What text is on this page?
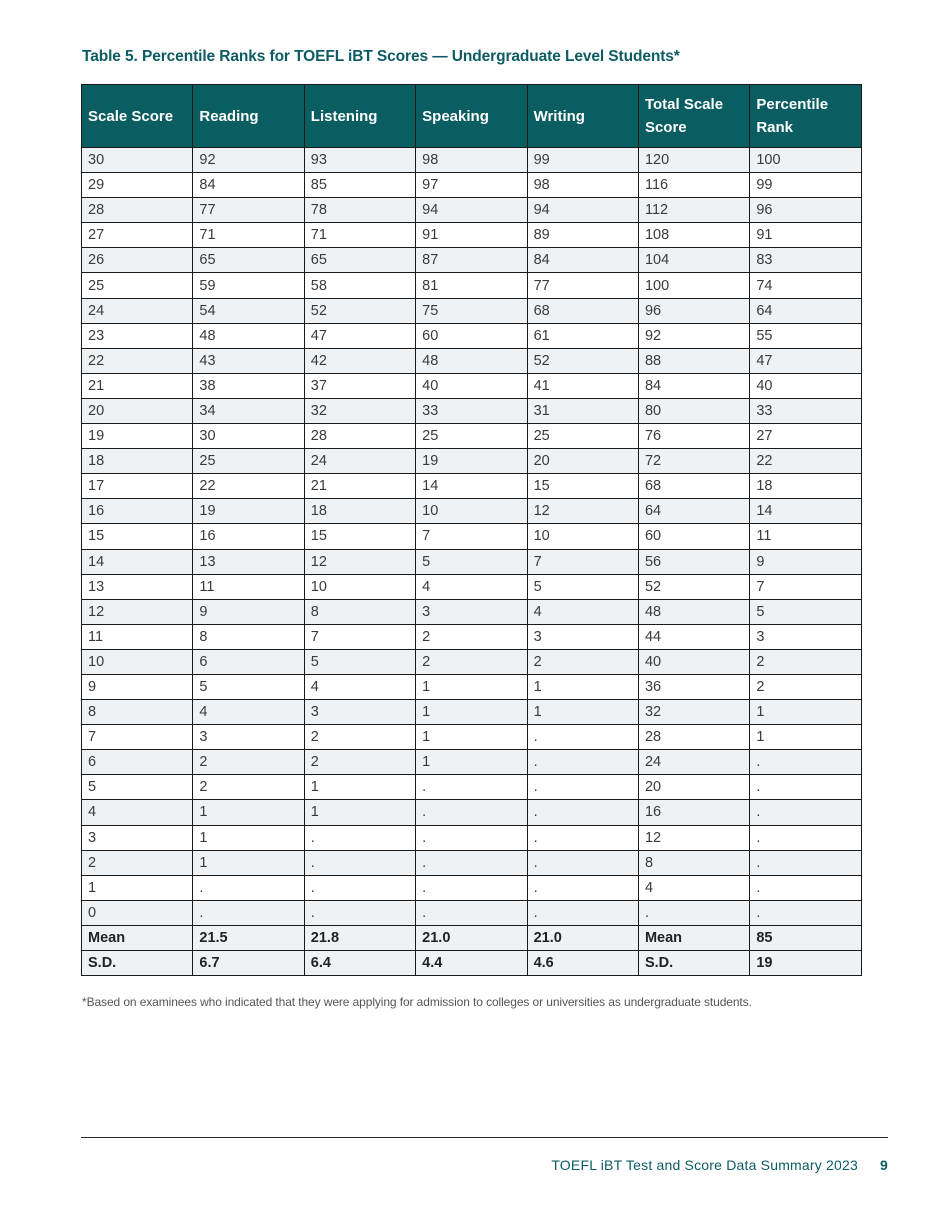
Table 5. Percentile Ranks for TOEFL iBT Scores — Undergraduate Level Students*
Scale Score	Reading	Listening	Speaking	Writing	Total Scale Score	Percentile Rank
30	92	93	98	99	120	100
29	84	85	97	98	116	99
28	77	78	94	94	112	96
27	71	71	91	89	108	91
26	65	65	87	84	104	83
25	59	58	81	77	100	74
24	54	52	75	68	96	64
23	48	47	60	61	92	55
22	43	42	48	52	88	47
21	38	37	40	41	84	40
20	34	32	33	31	80	33
19	30	28	25	25	76	27
18	25	24	19	20	72	22
17	22	21	14	15	68	18
16	19	18	10	12	64	14
15	16	15	7	10	60	11
14	13	12	5	7	56	9
13	11	10	4	5	52	7
12	9	8	3	4	48	5
11	8	7	2	3	44	3
10	6	5	2	2	40	2
9	5	4	1	1	36	2
8	4	3	1	1	32	1
7	3	2	1	.	28	1
6	2	2	1	.	24	.
5	2	1	.	.	20	.
4	1	1	.	.	16	.
3	1	.	.	.	12	.
2	1	.	.	.	8	.
1	.	.	.	.	4	.
0	.	.	.	.	.	.
Mean	21.5	21.8	21.0	21.0	Mean	85
S.D.	6.7	6.4	4.4	4.6	S.D.	19
*Based on examinees who indicated that they were applying for admission to colleges or universities as undergraduate students.
TOEFL iBT Test and Score Data Summary 2023 9
